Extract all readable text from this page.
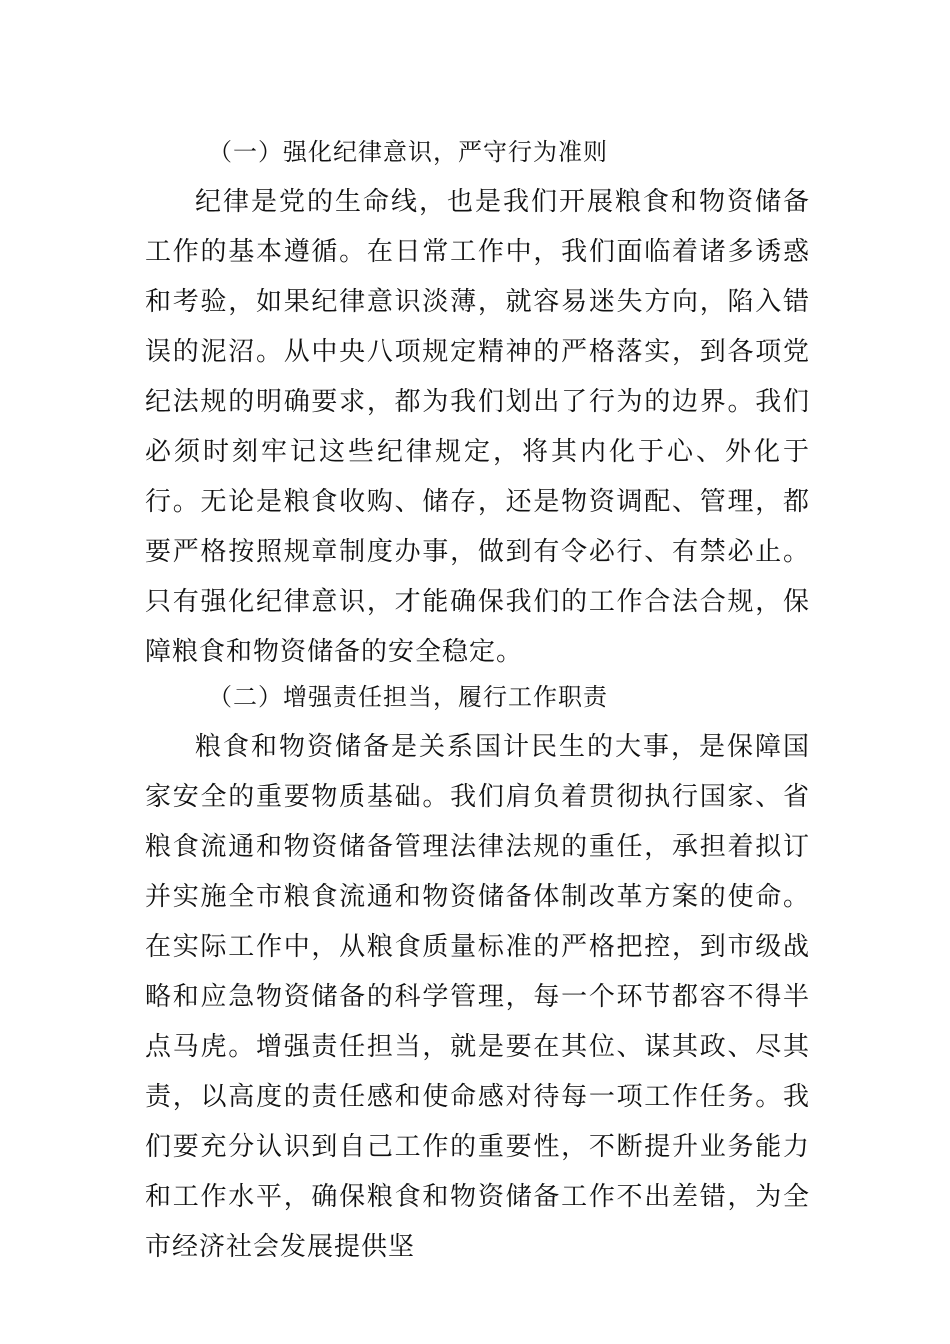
（一）强化纪律意识，严守行为准则
纪律是党的生命线，也是我们开展粮食和物资储备工作的基本遵循。在日常工作中，我们面临着诸多诱惑和考验，如果纪律意识淡薄，就容易迷失方向，陷入错误的泥沼。从中央八项规定精神的严格落实，到各项党纪法规的明确要求，都为我们划出了行为的边界。我们必须时刻牢记这些纪律规定，将其内化于心、外化于行。无论是粮食收购、储存，还是物资调配、管理，都要严格按照规章制度办事，做到有令必行、有禁必止。只有强化纪律意识，才能确保我们的工作合法合规，保障粮食和物资储备的安全稳定。
（二）增强责任担当，履行工作职责
粮食和物资储备是关系国计民生的大事，是保障国家安全的重要物质基础。我们肩负着贯彻执行国家、省粮食流通和物资储备管理法律法规的重任，承担着拟订并实施全市粮食流通和物资储备体制改革方案的使命。在实际工作中，从粮食质量标准的严格把控，到市级战略和应急物资储备的科学管理，每一个环节都容不得半点马虎。增强责任担当，就是要在其位、谋其政、尽其责，以高度的责任感和使命感对待每一项工作任务。我们要充分认识到自己工作的重要性，不断提升业务能力和工作水平，确保粮食和物资储备工作不出差错，为全市经济社会发展提供坚
